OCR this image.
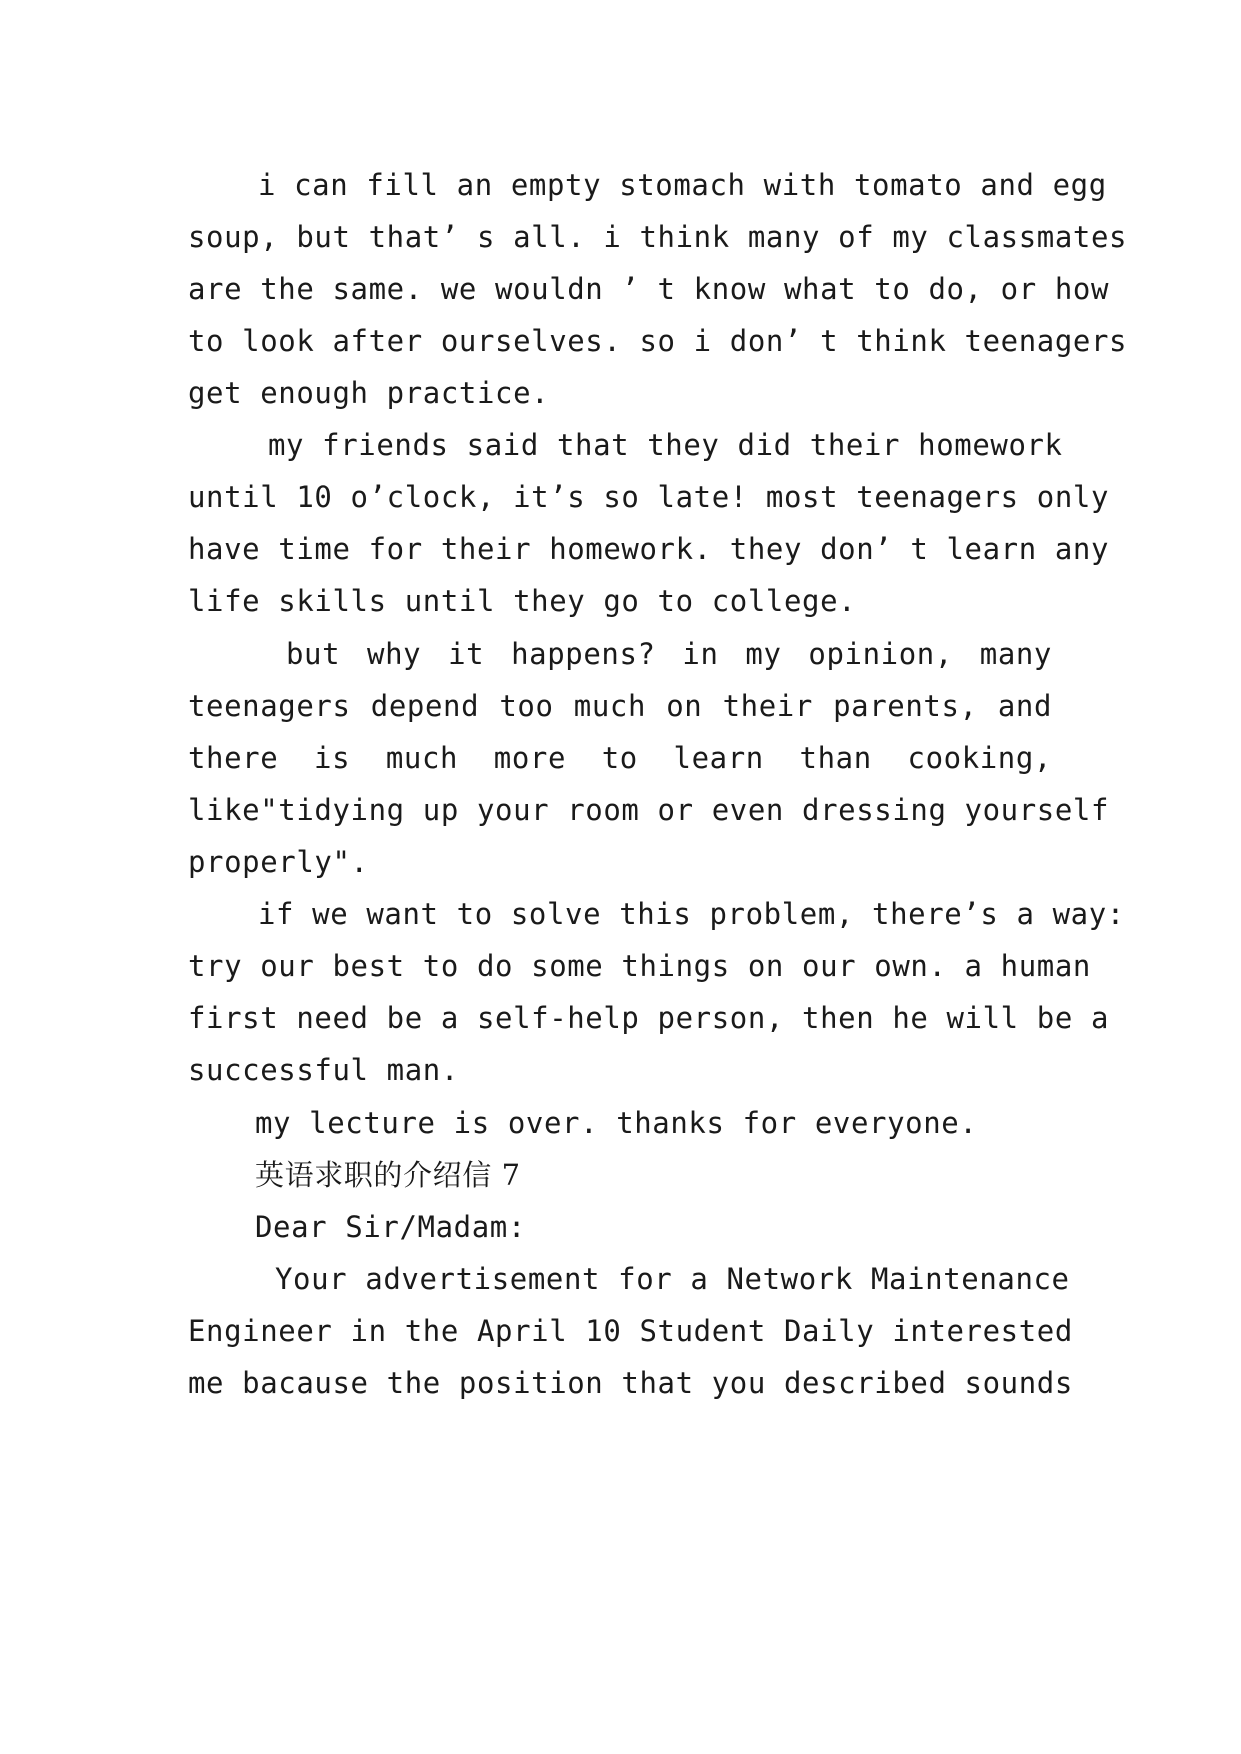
i can fill an empty stomach with tomato and egg
soup, but that’ s all. i think many of my classmates
are the same. we wouldn ’ t know what to do, or how
to look after ourselves. so i don’ t think teenagers
get enough practice.
my friends said that they did their homework
until 10 o’clock, it’s so late! most teenagers only
have time for their homework. they don’ t learn any
life skills until they go to college.
but why it happens? in my opinion, many
teenagers depend too much on their parents, and
there is much more to learn than cooking,
like"tidying up your room or even dressing yourself
properly".
if we want to solve this problem, there’s a way:
try our best to do some things on our own. a human
first need be a self-help person, then he will be a
successful man.
my lecture is over. thanks for everyone.
英语求职的介绍信 7
Dear Sir/Madam:
Your advertisement for a Network Maintenance
Engineer in the April 10 Student Daily interested
me bacause the position that you described sounds
